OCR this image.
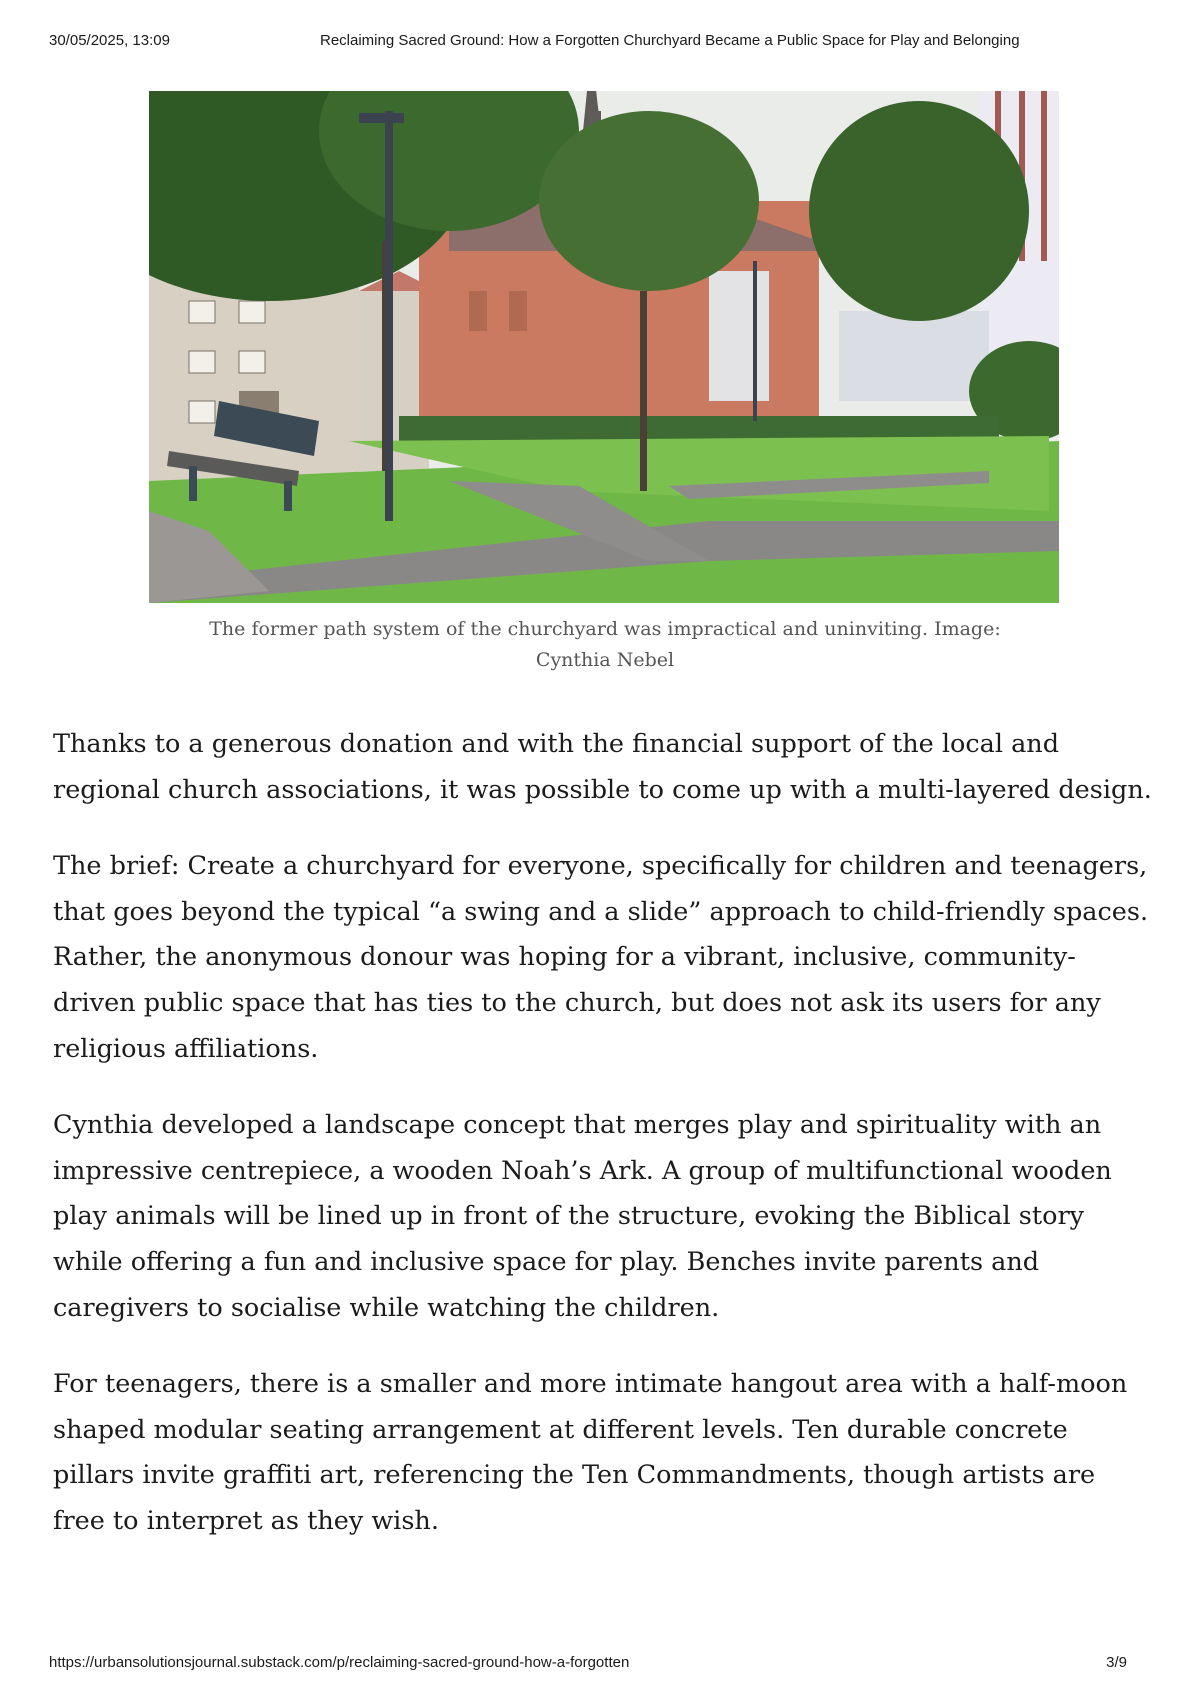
30/05/2025, 13:09	Reclaiming Sacred Ground: How a Forgotten Churchyard Became a Public Space for Play and Belonging
The former path system of the churchyard was impractical and uninviting. Image: Cynthia Nebel

Thanks to a generous donation and with the financial support of the local and regional church associations, it was possible to come up with a multi-layered design.

The brief: Create a churchyard for everyone, specifically for children and teenagers, that goes beyond the typical “a swing and a slide” approach to child-friendly spaces. Rather, the anonymous donour was hoping for a vibrant, inclusive, community-driven public space that has ties to the church, but does not ask its users for any religious affiliations.

Cynthia developed a landscape concept that merges play and spirituality with an impressive centrepiece, a wooden Noah’s Ark. A group of multifunctional wooden play animals will be lined up in front of the structure, evoking the Biblical story while offering a fun and inclusive space for play. Benches invite parents and caregivers to socialise while watching the children.

For teenagers, there is a smaller and more intimate hangout area with a half-moon shaped modular seating arrangement at different levels. Ten durable concrete pillars invite graffiti art, referencing the Ten Commandments, though artists are free to interpret as they wish.

https://urbansolutionsjournal.substack.com/p/reclaiming-sacred-ground-how-a-forgotten	3/9
